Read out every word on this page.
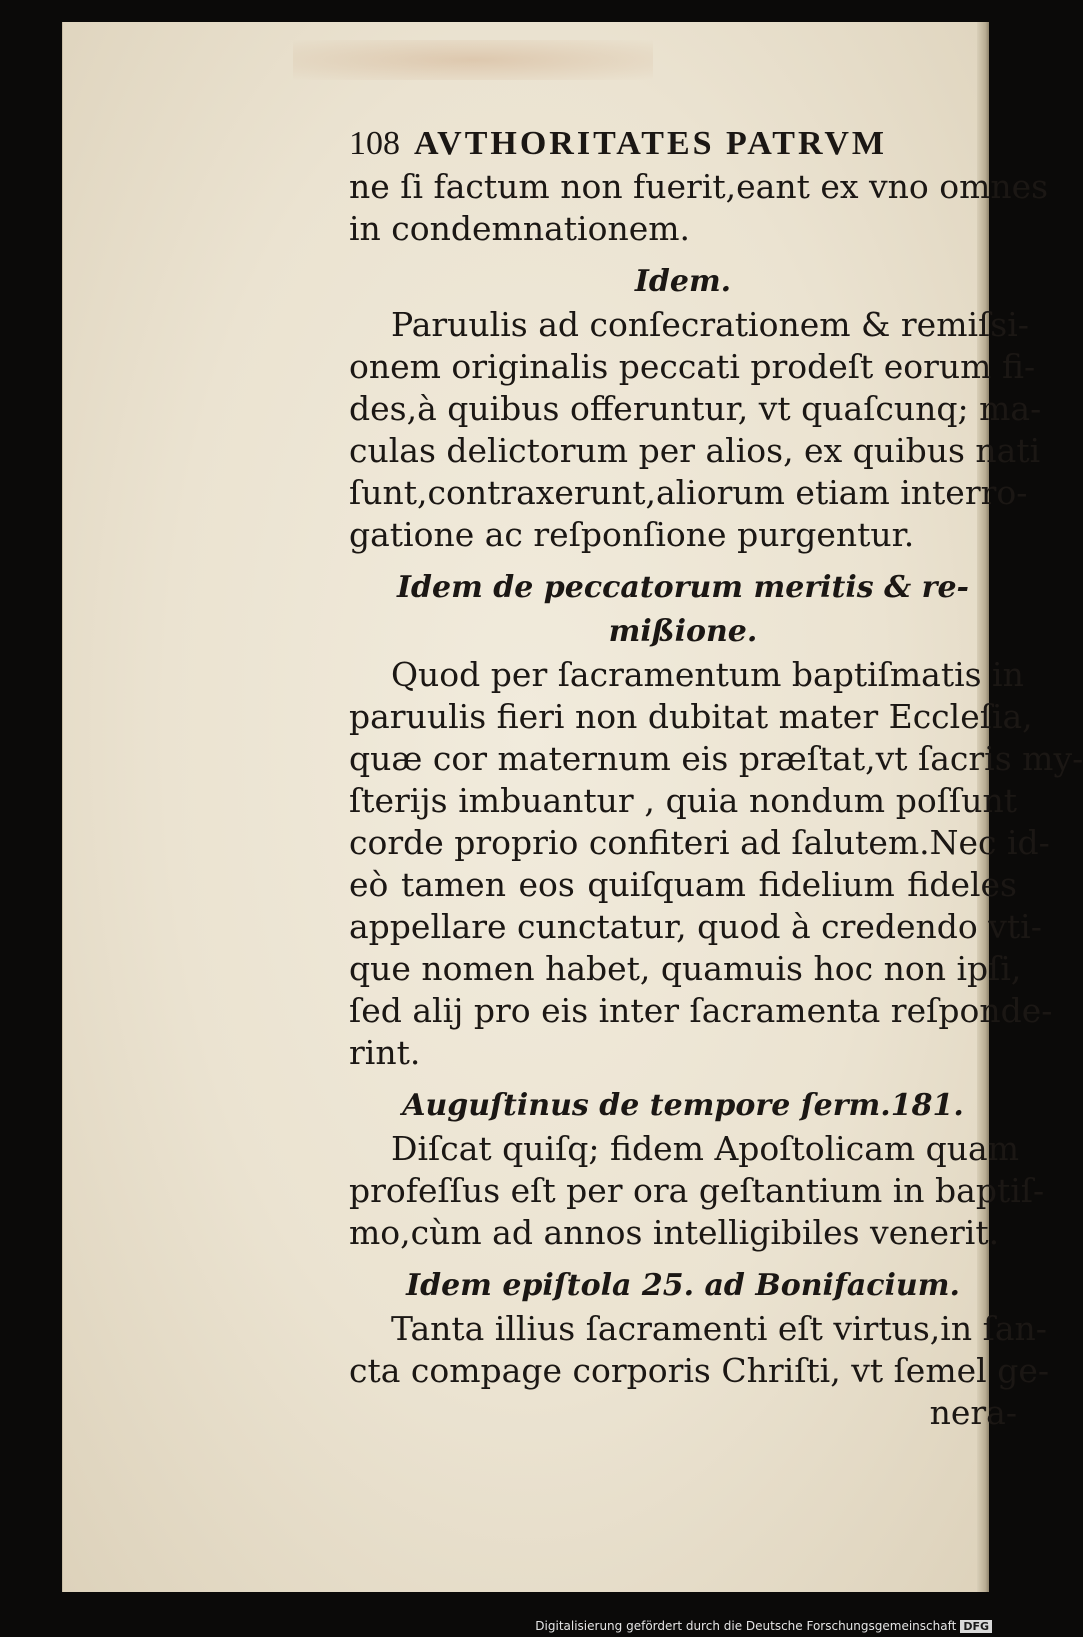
108 AVTHORITATES PATRVM
ne ſi factum non fuerit,eant ex vno omnes
in condemnationem.
Idem.
Paruulis ad conſecrationem & remiſsi-
onem originalis peccati prodeſt eorum fi-
des,à quibus offeruntur, vt quaſcunq; ma-
culas delictorum per alios, ex quibus nati
ſunt,contraxerunt,aliorum etiam interro-
gatione ac reſponſione purgentur.
Idem de peccatorum meritis & re-
mißione.
Quod per ſacramentum baptiſmatis in
paruulis fieri non dubitat mater Eccleſia,
quæ cor maternum eis præſtat,vt ſacris my-
ſterijs imbuantur , quia nondum poſſunt
corde proprio confiteri ad ſalutem.Nec id-
eò tamen eos quiſquam fidelium fideles
appellare cunctatur, quod à credendo vti-
que nomen habet, quamuis hoc non ipſi,
ſed alij pro eis inter ſacramenta reſponde-
rint.
Auguſtinus de tempore ſerm.181.
Diſcat quiſq; fidem Apoſtolicam quam
profeſſus eſt per ora geſtantium in baptiſ-
mo,cùm ad annos intelligibiles venerit.
Idem epiſtola 25. ad Bonifacium.
Tanta illius ſacramenti eſt virtus,in ſan-
cta compage corporis Chriſti, vt ſemel ge-
nera-
Digitalisierung gefördert durch die Deutsche Forschungsgemeinschaft DFG
